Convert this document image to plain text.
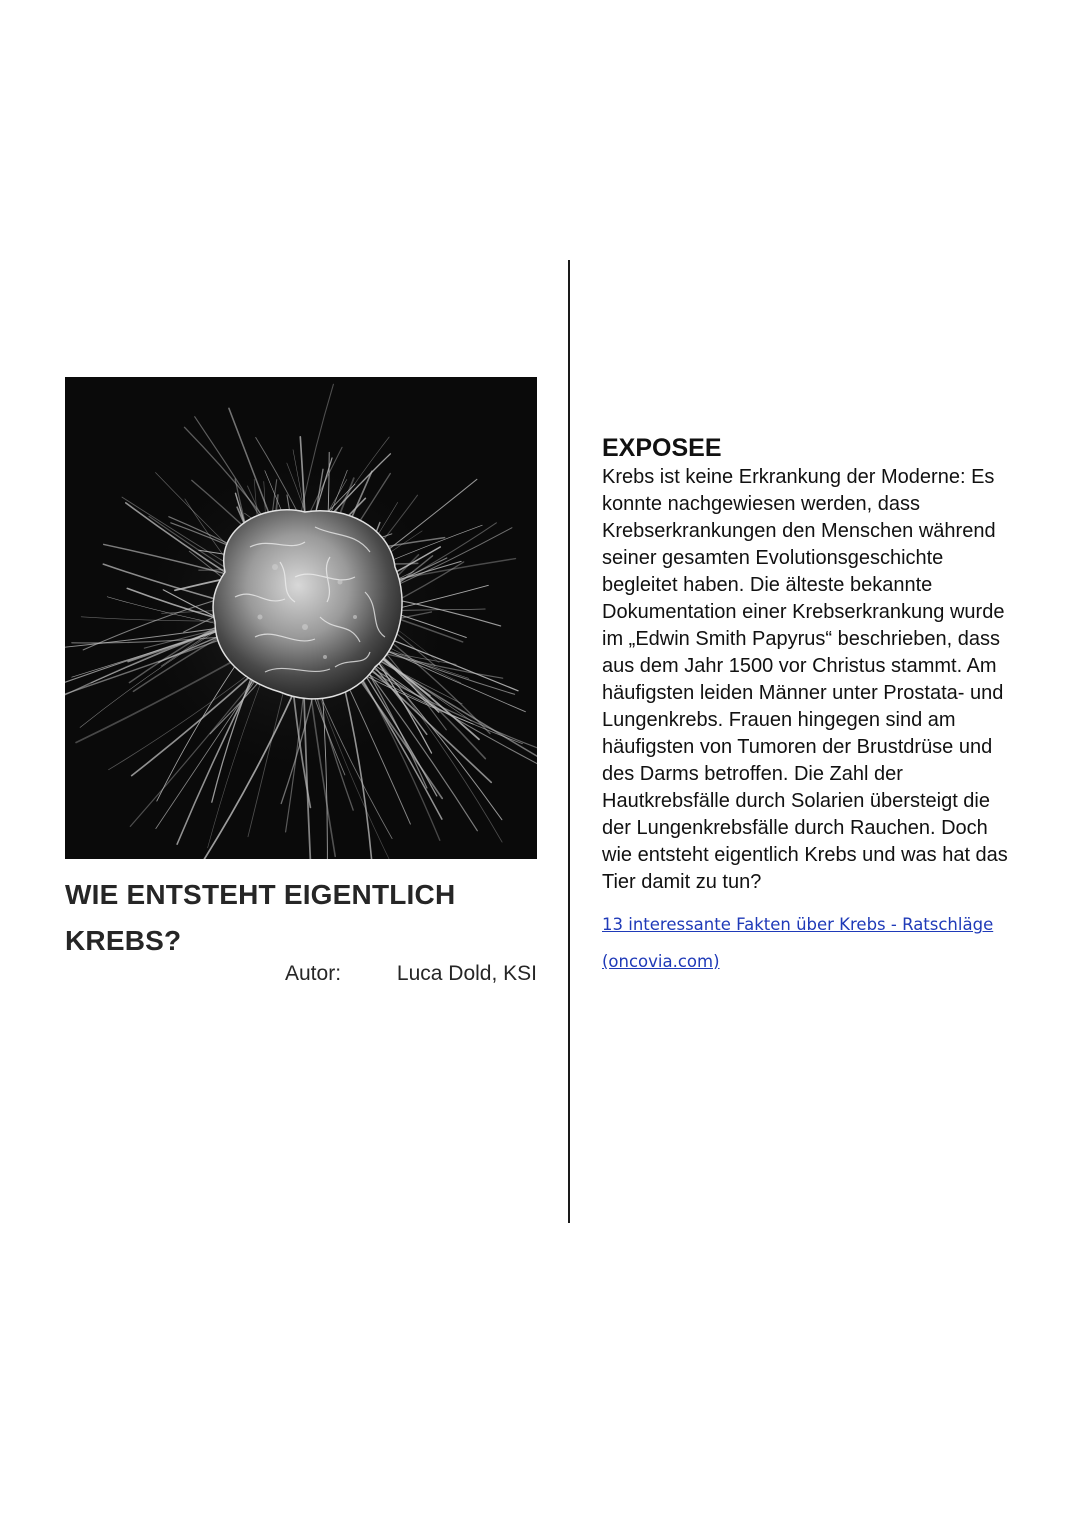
WIE ENTSTEHT EIGENTLICH KREBS?
Autor:	Luca Dold, KSI
EXPOSEE

Krebs ist keine Erkrankung der Moderne: Es konnte nachgewiesen werden, dass Krebserkrankungen den Menschen während seiner gesamten Evolutionsgeschichte begleitet haben. Die älteste bekannte Dokumentation einer Krebserkrankung wurde im „Edwin Smith Papyrus“ beschrieben, dass aus dem Jahr 1500 vor Christus stammt. Am häufigsten leiden Männer unter Prostata- und Lungenkrebs. Frauen hingegen sind am häufigsten von Tumoren der Brustdrüse und des Darms betroffen. Die Zahl der Hautkrebsfälle durch Solarien übersteigt die der Lungenkrebsfälle durch Rauchen. Doch wie entsteht eigentlich Krebs und was hat das Tier damit zu tun?

13 interessante Fakten über Krebs - Ratschläge (oncovia.com)
